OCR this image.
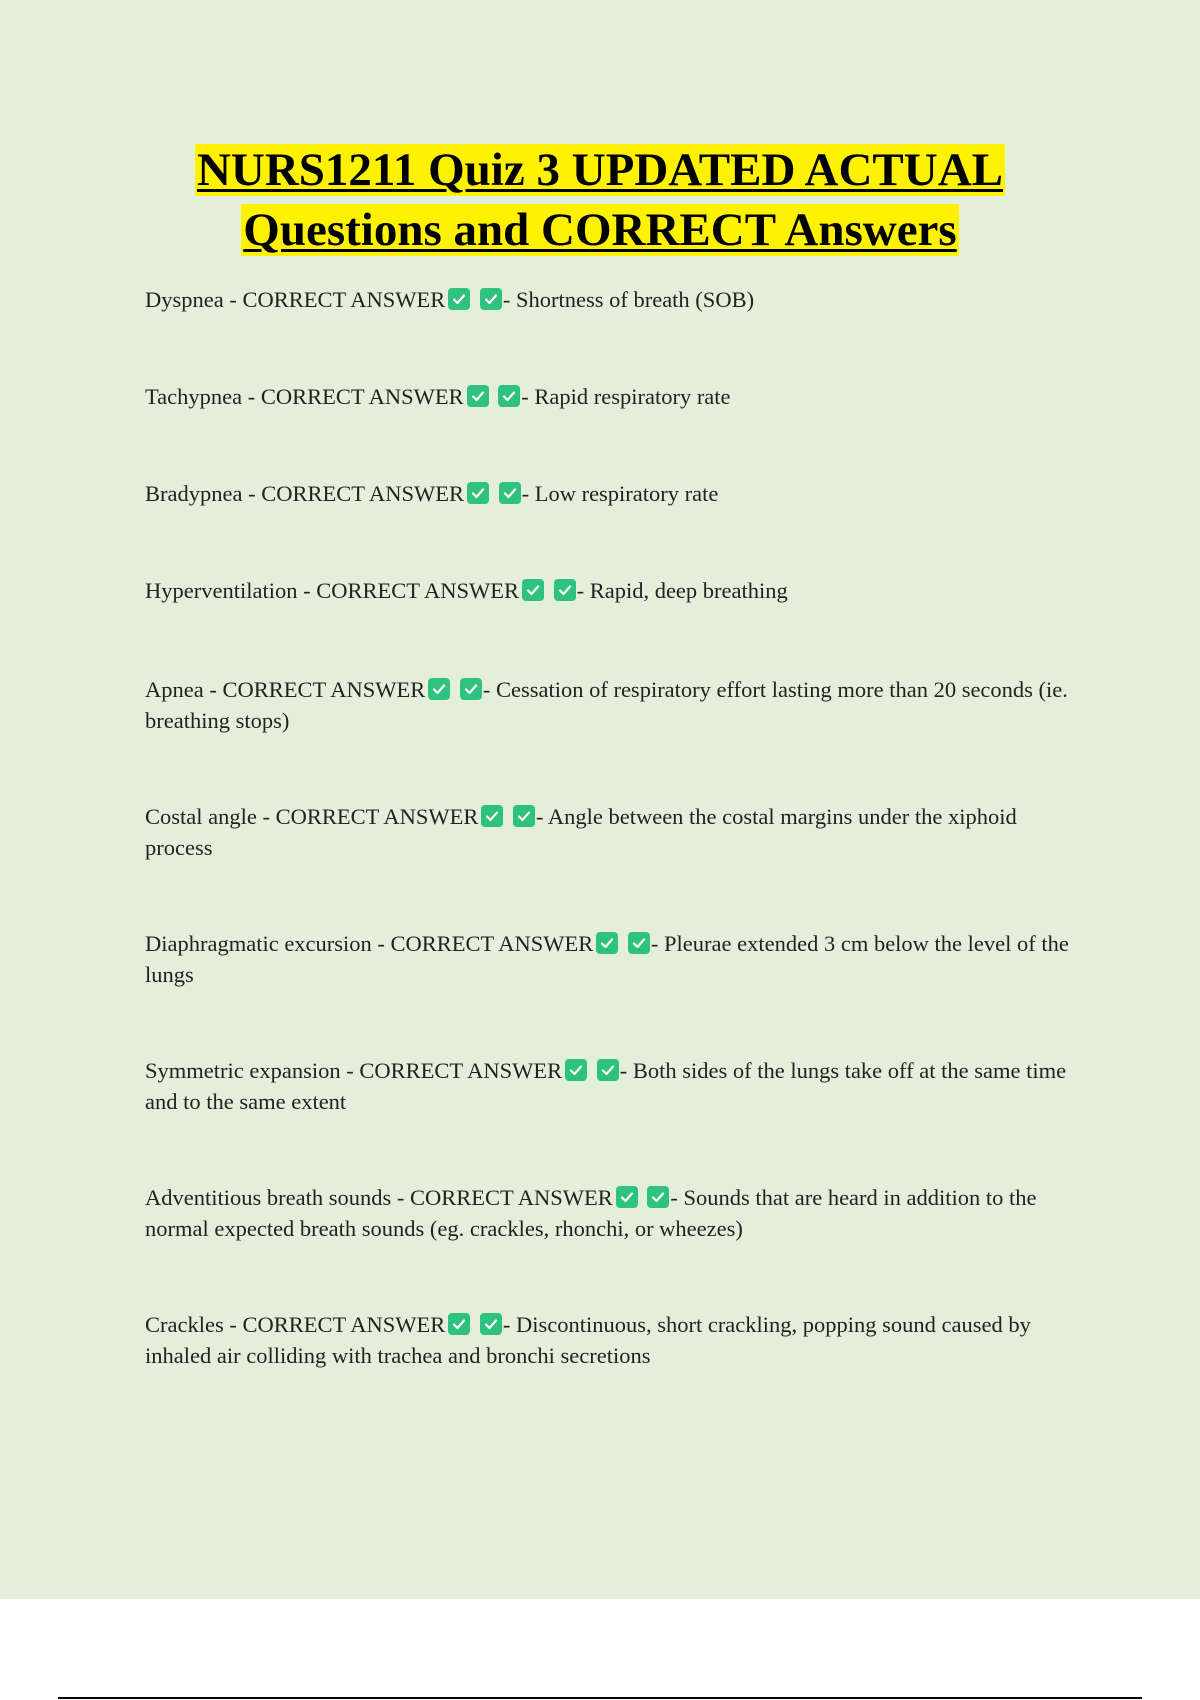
NURS1211 Quiz 3 UPDATED ACTUAL
Questions and CORRECT Answers

Dyspnea - CORRECT ANSWER
	- Shortness of breath (SOB)

Tachypnea - CORRECT ANSWER
	- Rapid respiratory rate

Bradypnea - CORRECT ANSWER
	- Low respiratory rate

Hyperventilation - CORRECT ANSWER
	- Rapid, deep breathing

Apnea - CORRECT ANSWER
	- Cessation of respiratory effort lasting more than 20 seconds (ie. breathing stops)

Costal angle - CORRECT ANSWER
	- Angle between the costal margins under the xiphoid process

Diaphragmatic excursion - CORRECT ANSWER
	- Pleurae extended 3 cm below the level of the lungs

Symmetric expansion - CORRECT ANSWER
	- Both sides of the lungs take off at the same time and to the same extent

Adventitious breath sounds - CORRECT ANSWER
	- Sounds that are heard in addition to the normal expected breath sounds (eg. crackles, rhonchi, or wheezes)

Crackles - CORRECT ANSWER
	- Discontinuous, short crackling, popping sound caused by inhaled air colliding with trachea and bronchi secretions
